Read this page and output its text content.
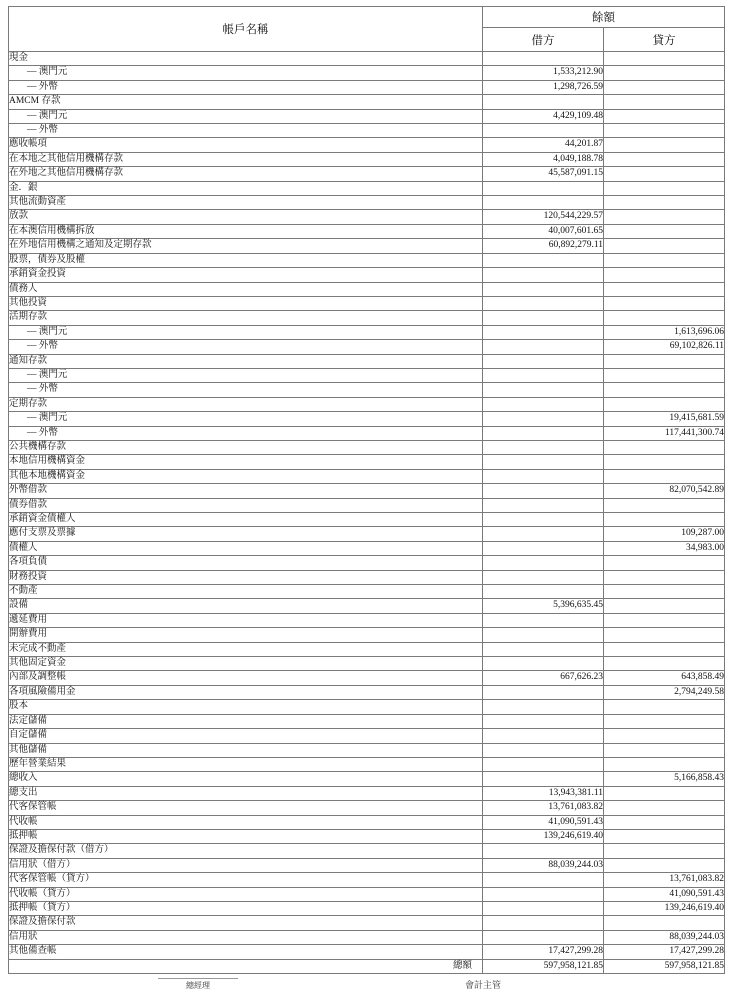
帳戶名稱	餘額	
	借方	貸方
現金		
— 澳門元	1,533,212.90	
— 外幣	1,298,726.59	
AMCM 存款		
— 澳門元	4,429,109.48	
— 外幣		
應收帳項	44,201.87	
在本地之其他信用機構存款	4,049,188.78	
在外地之其他信用機構存款	45,587,091.15	
金．銀		
其他流動資產		
放款	120,544,229.57	
在本澳信用機構拆放	40,007,601.65	
在外地信用機構之通知及定期存款	60,892,279.11	
股票，債券及股權		
承銷資金投資		
債務人		
其他投資		
活期存款		
— 澳門元		1,613,696.06
— 外幣		69,102,826.11
通知存款		
— 澳門元		
— 外幣		
定期存款		
— 澳門元		19,415,681.59
— 外幣		117,441,300.74
公共機構存款		
本地信用機構資金		
其他本地機構資金		
外幣借款		82,070,542.89
債券借款		
承銷資金債權人		
應付支票及票據		109,287.00
債權人		34,983.00
各項負債		
財務投資		
不動產		
設備	5,396,635.45	
遞延費用		
開辦費用		
未完成不動產		
其他固定資金		
內部及調整帳	667,626.23	643,858.49
各項風險備用金		2,794,249.58
股本		
法定儲備		
自定儲備		
其他儲備		
歷年營業結果		
總收入		5,166,858.43
總支出	13,943,381.11	
代客保管帳	13,761,083.82	
代收帳	41,090,591.43	
抵押帳	139,246,619.40	
保證及擔保付款（借方）		
信用狀（借方）	88,039,244.03	
代客保管帳（貸方）		13,761,083.82
代收帳（貸方）		41,090,591.43
抵押帳（貸方）		139,246,619.40
保證及擔保付款		
信用狀		88,039,244.03
其他備查帳	17,427,299.28	17,427,299.28
總額	597,958,121.85	597,958,121.85
總經理	會計主管
